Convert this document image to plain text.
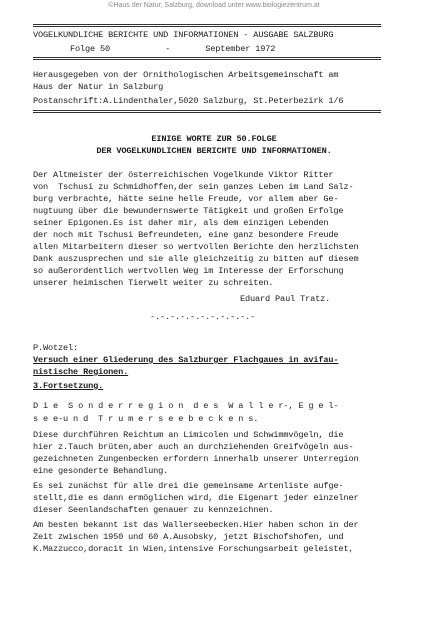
©Haus der Natur, Salzburg, download unter www.biologiezentrum.at
VOGELKUNDLICHE BERICHTE UND INFORMATIONEN - AUSGABE SALZBURG
Folge 50           -       September 1972
Herausgegeben von der Ornithologischen Arbeitsgemeinschaft am
Haus der Natur in Salzburg
Postanschrift:A.Lindenthaler,5020 Salzburg, St.Peterbezirk 1/6
EINIGE WORTE ZUR 50.FOLGE
DER VOGELKUNDLICHEN BERICHTE UND INFORMATIONEN.
Der Altmeister der österreichischen Vogelkunde Viktor Ritter
von  Tschusi zu Schmidhoffen,der sein ganzes Leben im Land Salz-
burg verbrachte, hätte seine helle Freude, vor allem aber Ge-
nugtuung über die bewundernswerte Tätigkeit und großen Erfolge
seiner Epigonen.Es ist daher mir, als dem einzigen Lebenden
der noch mit Tschusi Befreundeten, eine ganz besondere Freude
allen Mitarbeitern dieser so wertvollen Berichte den herzlichsten
Dank auszusprechen und sie alle gleichzeitig zu bitten auf diesem
so außerordentlich wertvollen Weg im Interesse der Erforschung
unserer heimischen Tierwelt weiter zu schreiten.
Eduard Paul Tratz.
-.-.-.-.-.-.-.-.-.-.-
P.Wotzel:
Versuch einer Gliederung des Salzburger Flachgaues in avifau-
nistische Regionen.
3.Fortsetzung.
D i e  S o n d e r r e g i o n  d e s  W a l l e r-, E g e l-
s e e-u n d  T r u m e r s e e b e c k e n s.
Diese durchführen Reichtum an Limicolen und Schwimmvögeln, die
hier z.Tauch brüten,aber auch an durchziehenden Greifvögeln aus-
gezeichneten Zungenbecken erfordern innerhalb unserer Unterregion
eine gesonderte Behandlung.
Es sei zunächst für alle drei die gemeinsame Artenliste aufge-
stellt,die es dann ermöglichen wird, die Eigenart jeder einzelner
dieser Seenlandschaften genauer zu kennzeichnen.
Am besten bekannt ist das Wallerseebecken.Hier haben schon in der
Zeit zwischen 1950 und 60 A.Ausobsky, jetzt Bischofshofen, und
K.Mazzucco,doracit in Wien,intensive Forschungsarbeit geleistet,
